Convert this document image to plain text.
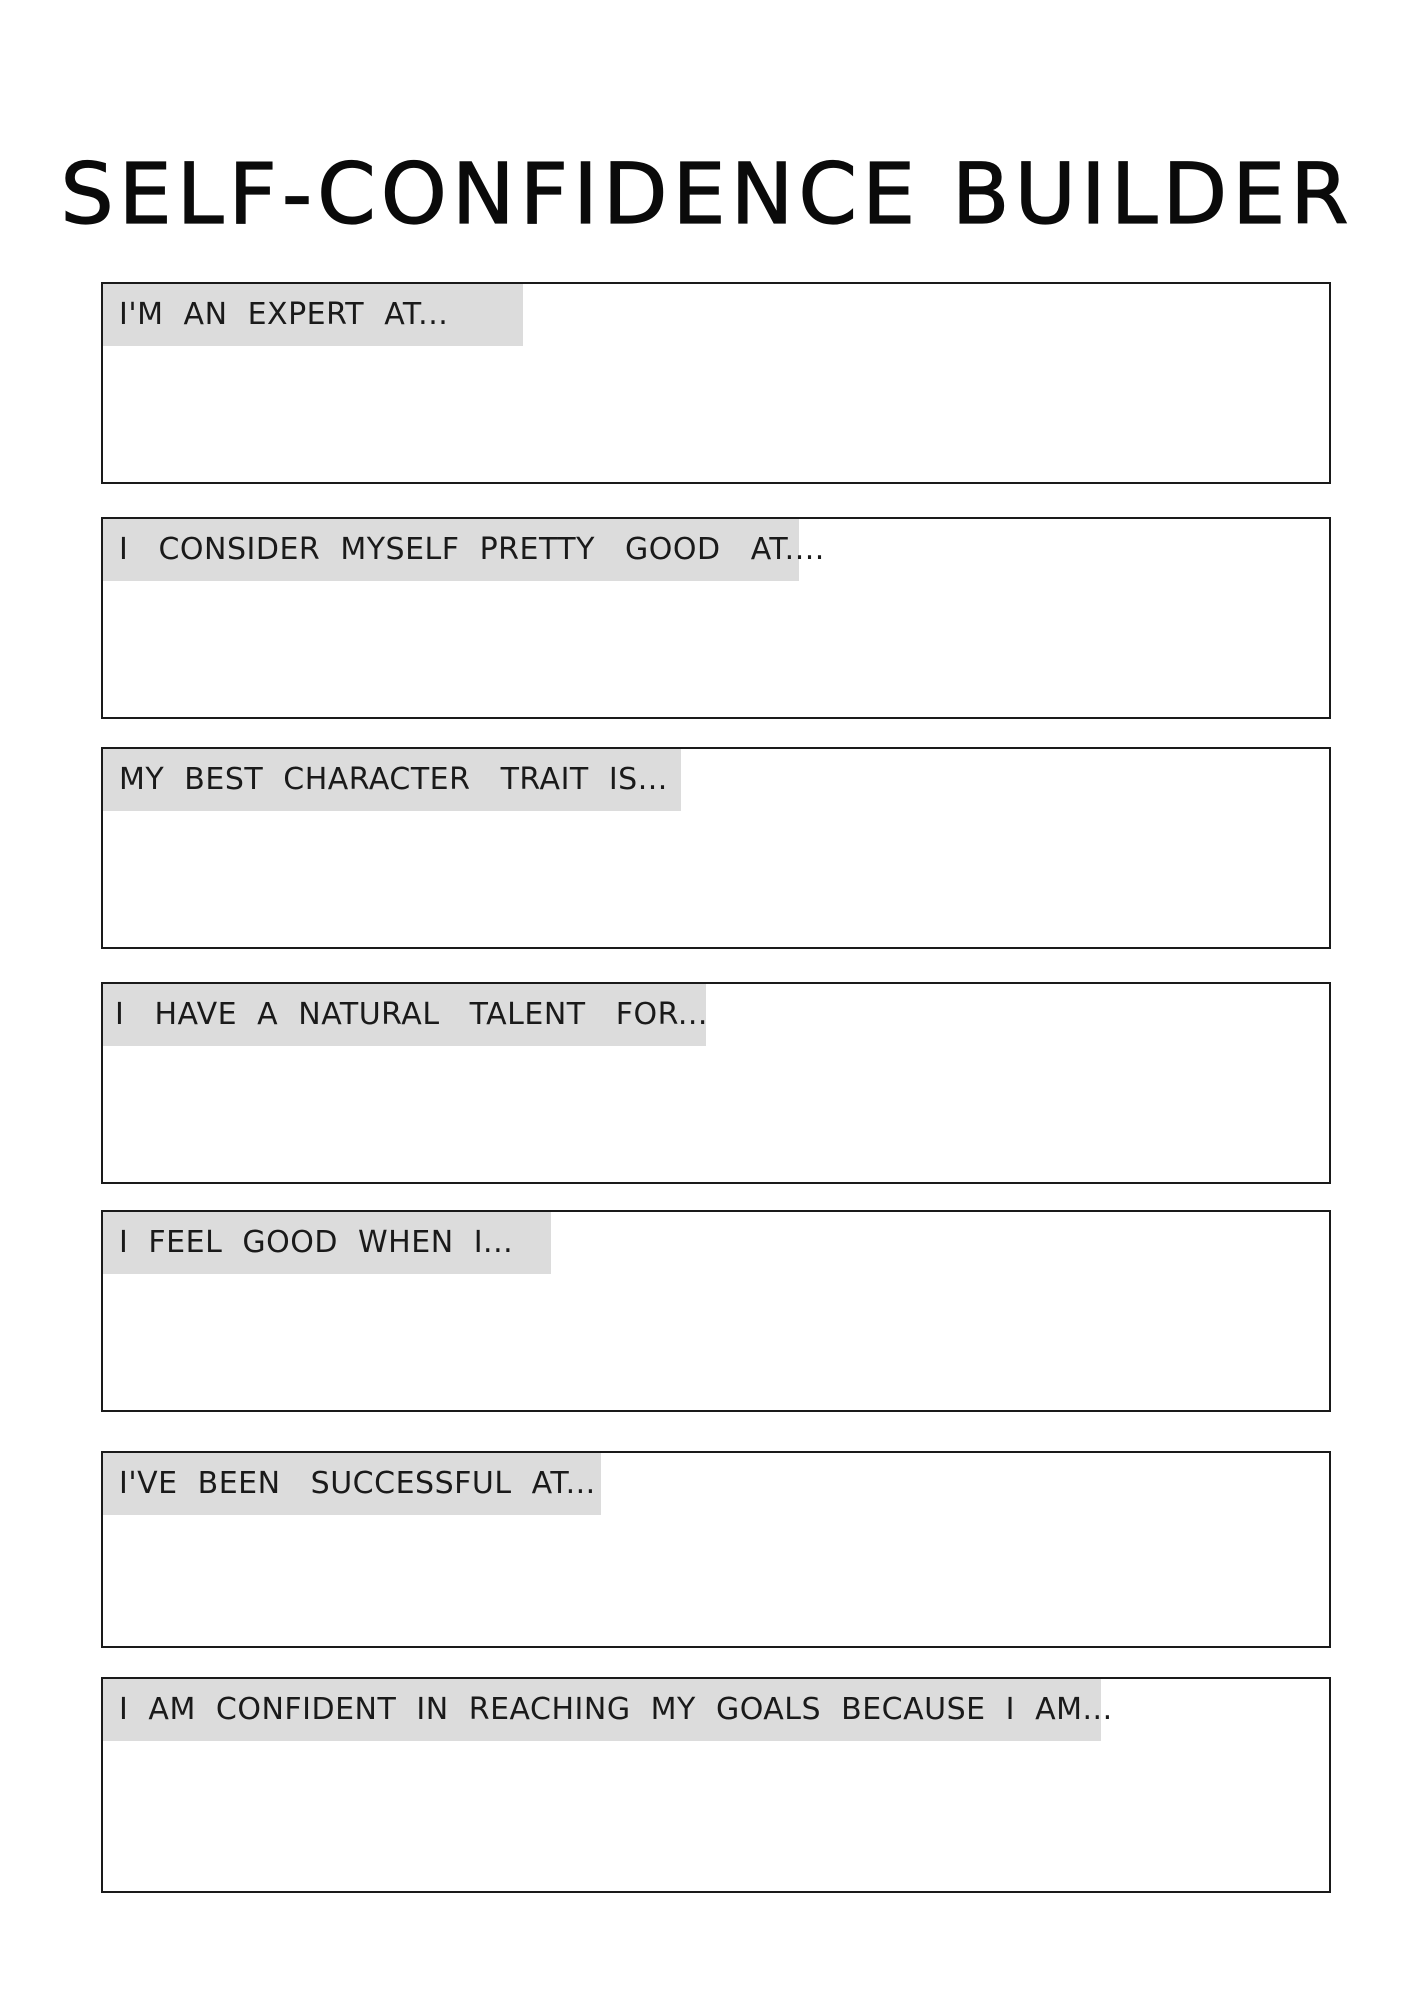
SELF-CONFIDENCE BUILDER
I'M  AN  EXPERT  AT...
I   CONSIDER  MYSELF  PRETTY   GOOD   AT....
MY  BEST  CHARACTER   TRAIT  IS...
I   HAVE  A  NATURAL   TALENT   FOR...
I  FEEL  GOOD  WHEN  I...
I'VE  BEEN   SUCCESSFUL  AT...
I  AM  CONFIDENT  IN  REACHING  MY  GOALS  BECAUSE  I  AM...
